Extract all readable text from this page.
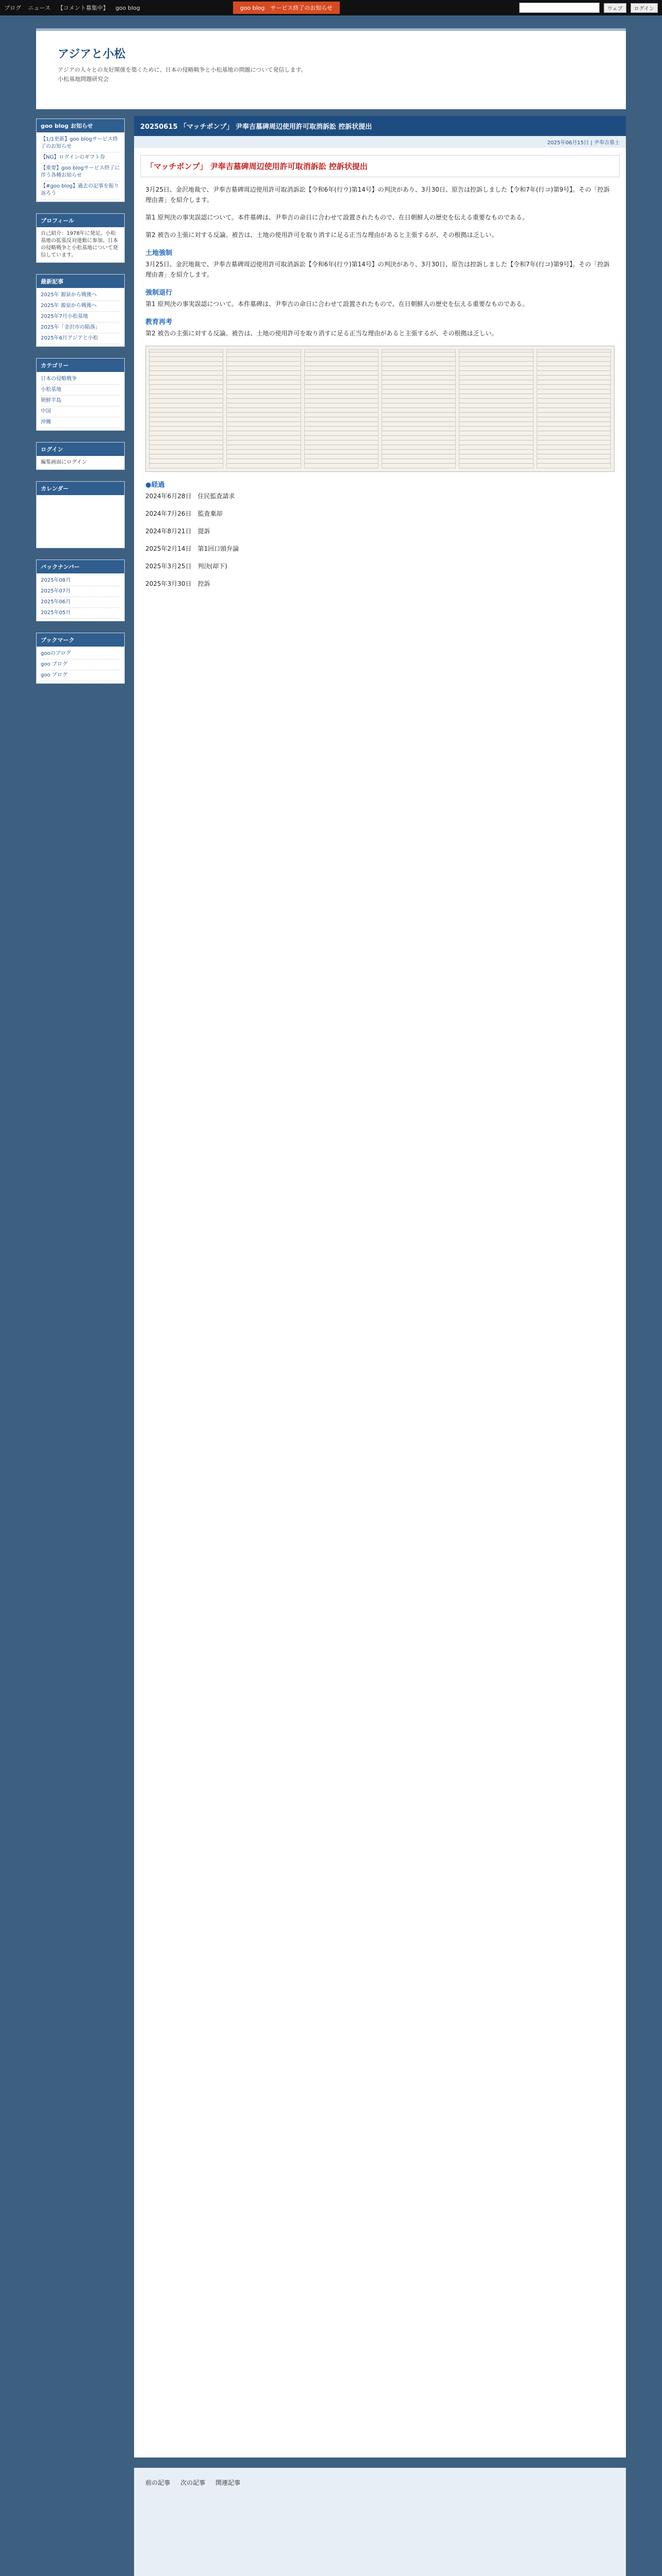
ブログ ニュース 【コメント募集中】 goo blog	goo blog　サービス終了のお知らせ	ウェブ	ログイン
アジアと小松

アジアの人々との友好関係を築くために、日本の侵略戦争と小松基地の問題について発信します。

小松基地問題研究会

goo blog お知らせ
【1/1更新】goo blogサービス終了のお知らせ
【NG】ログインのギフト券
【重要】goo blogサービス終了に伴う各種お知らせ
【#goo blog】過去の記事を振り返ろう
プロフィール
自己紹介：1978年に発足。小松基地の拡張反対運動に参加。日本の侵略戦争と小松基地について発信しています。
最新記事
2025年 源泉から戦後へ
2025年 源泉から戦後へ
2025年7月小松基地
2025年「金沢市の陥落」
2025年6月アジアと小松
カテゴリー
日本の侵略戦争
小松基地
朝鮮半島
中国
沖縄
ログイン
編集画面にログイン
カレンダー
バックナンバー
2025年08月
2025年07月
2025年06月
2025年05月
ブックマーク
gooのブログ
goo ブログ
goo ブログ
20250615 「マッチポンプ」 尹奉吉墓碑周辺使用許可取消訴訟 控訴状提出
2025年06月15日 | 尹奉吉墓士
「マッチポンプ」 尹奉吉墓碑周辺使用許可取消訴訟 控訴状提出

3月25日、金沢地裁で、尹奉吉墓碑周辺使用許可取消訴訟【令和6年(行ウ)第14号】の判決があり、3月30日、原告は控訴しました【令和7年(行コ)第9号】。その「控訴理由書」を紹介します。

第1 原判決の事実誤認について。本件墓碑は、尹奉吉の命日に合わせて設置されたもので、在日朝鮮人の歴史を伝える重要なものである。

第2 被告の主張に対する反論。被告は、土地の使用許可を取り消すに足る正当な理由があると主張するが、その根拠は乏しい。

土地強制

3月25日、金沢地裁で、尹奉吉墓碑周辺使用許可取消訴訟【令和6年(行ウ)第14号】の判決があり、3月30日、原告は控訴しました【令和7年(行コ)第9号】。その「控訴理由書」を紹介します。

強制退行

第1 原判決の事実誤認について。本件墓碑は、尹奉吉の命日に合わせて設置されたもので、在日朝鮮人の歴史を伝える重要なものである。

教育再考

第2 被告の主張に対する反論。被告は、土地の使用許可を取り消すに足る正当な理由があると主張するが、その根拠は乏しい。

●経過

2024年6月28日　住民監査請求

2024年7月26日　監査棄却

2024年8月21日　提訴

2025年2月14日　第1回口頭弁論

2025年3月25日　判決(却下)

2025年3月30日　控訴

前の記事 次の記事 関連記事
